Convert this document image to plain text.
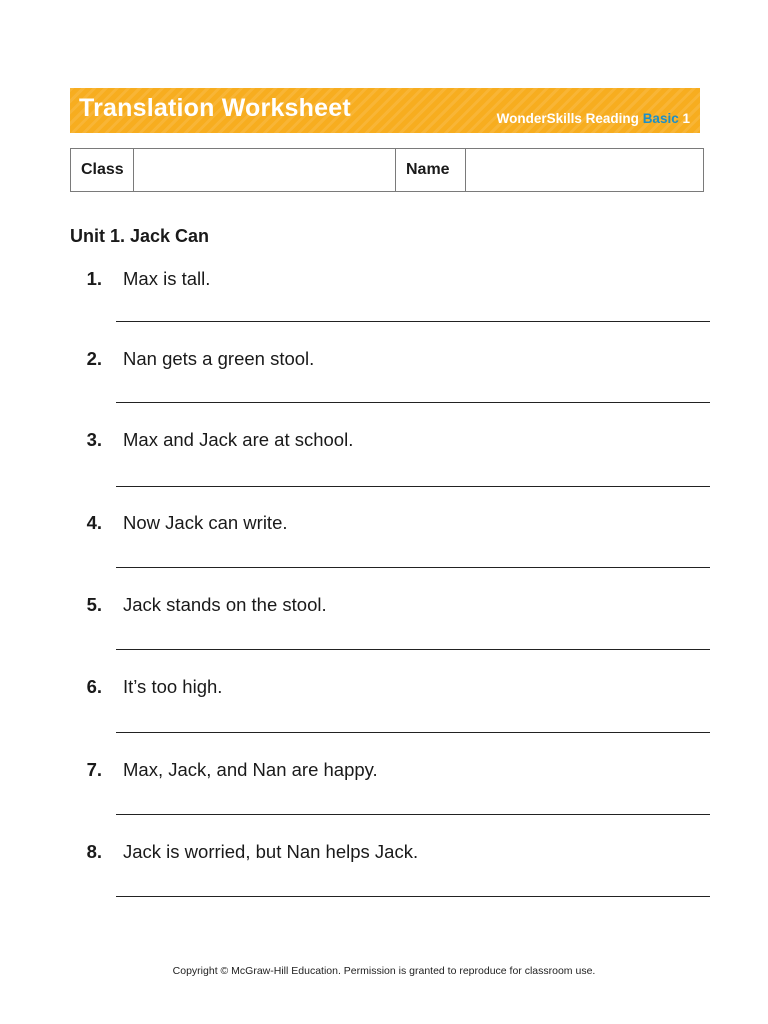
Translation Worksheet	WonderSkills Reading Basic 1
Class		Name	
Unit 1. Jack Can
1. Max is tall.
2. Nan gets a green stool.
3. Max and Jack are at school.
4. Now Jack can write.
5. Jack stands on the stool.
6. It’s too high.
7. Max, Jack, and Nan are happy.
8. Jack is worried, but Nan helps Jack.
Copyright © McGraw-Hill Education. Permission is granted to reproduce for classroom use.
